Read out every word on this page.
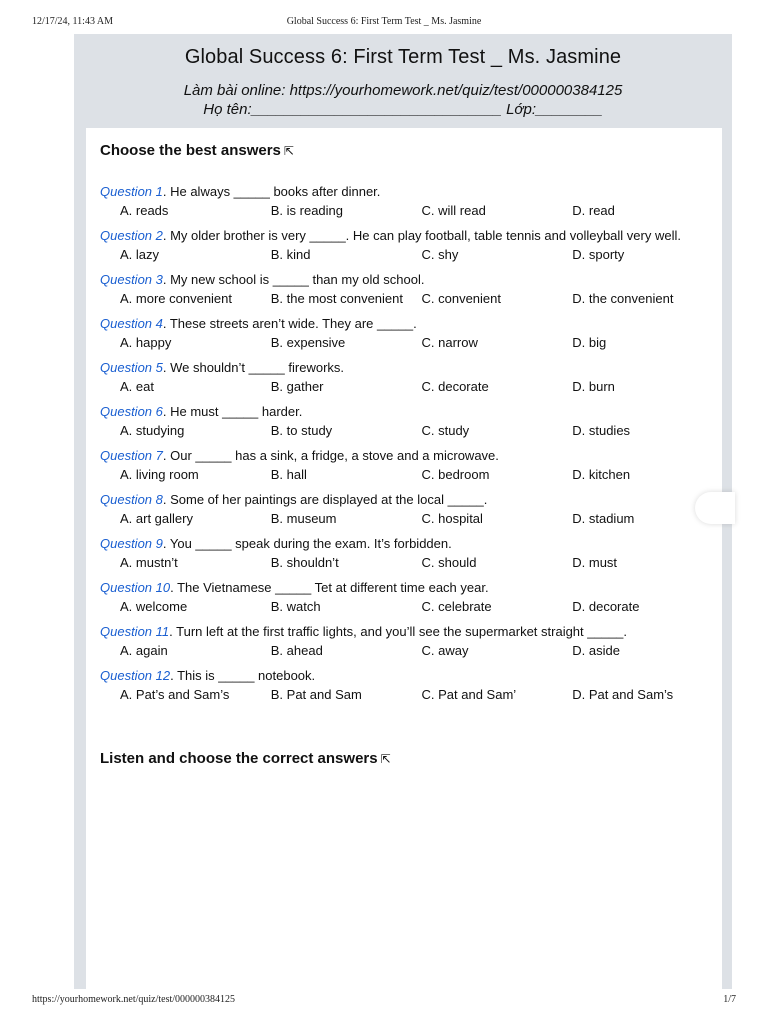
12/17/24, 11:43 AM	Global Success 6: First Term Test _ Ms. Jasmine
Global Success 6: First Term Test _ Ms. Jasmine
Làm bài online: https://yourhomework.net/quiz/test/000000384125
Họ tên:______________________________ Lớp:________
Choose the best answers ⇱
Question 1. He always _____ books after dinner.
A. reads	B. is reading	C. will read	D. read
Question 2. My older brother is very _____. He can play football, table tennis and volleyball very well.
A. lazy	B. kind	C. shy	D. sporty
Question 3. My new school is _____ than my old school.
A. more convenient	B. the most convenient	C. convenient	D. the convenient
Question 4. These streets aren’t wide. They are _____.
A. happy	B. expensive	C. narrow	D. big
Question 5. We shouldn’t _____ fireworks.
A. eat	B. gather	C. decorate	D. burn
Question 6. He must _____ harder.
A. studying	B. to study	C. study	D. studies
Question 7. Our _____ has a sink, a fridge, a stove and a microwave.
A. living room	B. hall	C. bedroom	D. kitchen
Question 8. Some of her paintings are displayed at the local _____.
A. art gallery	B. museum	C. hospital	D. stadium
Question 9. You _____ speak during the exam. It’s forbidden.
A. mustn’t	B. shouldn’t	C. should	D. must
Question 10. The Vietnamese _____ Tet at different time each year.
A. welcome	B. watch	C. celebrate	D. decorate
Question 11. Turn left at the first traffic lights, and you’ll see the supermarket straight _____.
A. again	B. ahead	C. away	D. aside
Question 12. This is _____ notebook.
A. Pat’s and Sam’s	B. Pat and Sam	C. Pat and Sam’	D. Pat and Sam’s
Listen and choose the correct answers ⇱
https://yourhomework.net/quiz/test/000000384125	1/7
